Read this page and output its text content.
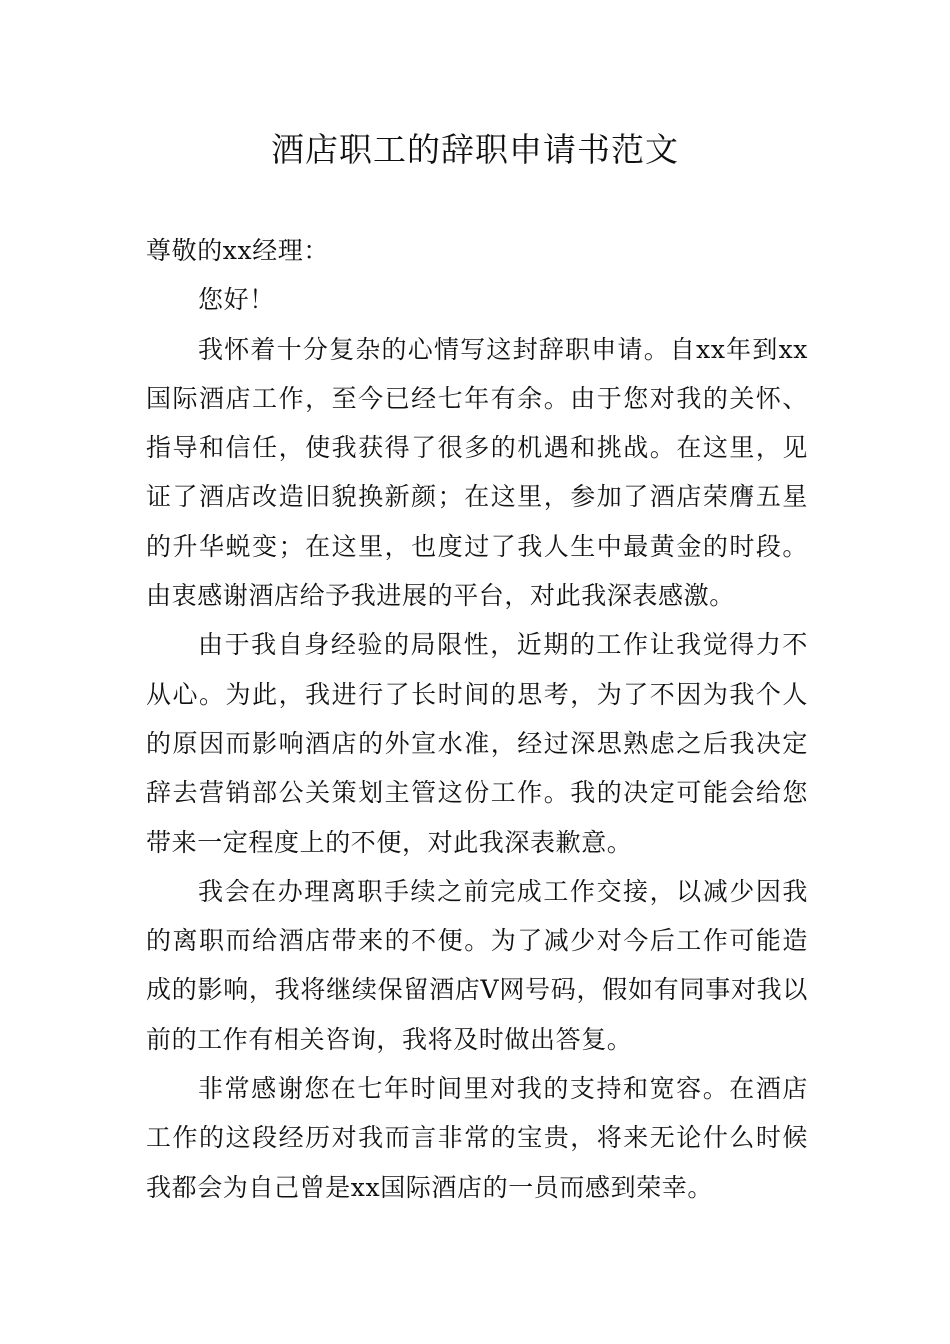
酒店职工的辞职申请书范文

尊敬的xx经理：

您好！

我怀着十分复杂的心情写这封辞职申请。自xx年到xx国际酒店工作，至今已经七年有余。由于您对我的关怀、指导和信任，使我获得了很多的机遇和挑战。在这里，见证了酒店改造旧貌换新颜；在这里，参加了酒店荣膺五星的升华蜕变；在这里，也度过了我人生中最黄金的时段。由衷感谢酒店给予我进展的平台，对此我深表感激。

由于我自身经验的局限性，近期的工作让我觉得力不从心。为此，我进行了长时间的思考，为了不因为我个人的原因而影响酒店的外宣水准，经过深思熟虑之后我决定辞去营销部公关策划主管这份工作。我的决定可能会给您带来一定程度上的不便，对此我深表歉意。

我会在办理离职手续之前完成工作交接，以减少因我的离职而给酒店带来的不便。为了减少对今后工作可能造成的影响，我将继续保留酒店V网号码，假如有同事对我以前的工作有相关咨询，我将及时做出答复。

非常感谢您在七年时间里对我的支持和宽容。在酒店工作的这段经历对我而言非常的宝贵，将来无论什么时候我都会为自己曾是xx国际酒店的一员而感到荣幸。
